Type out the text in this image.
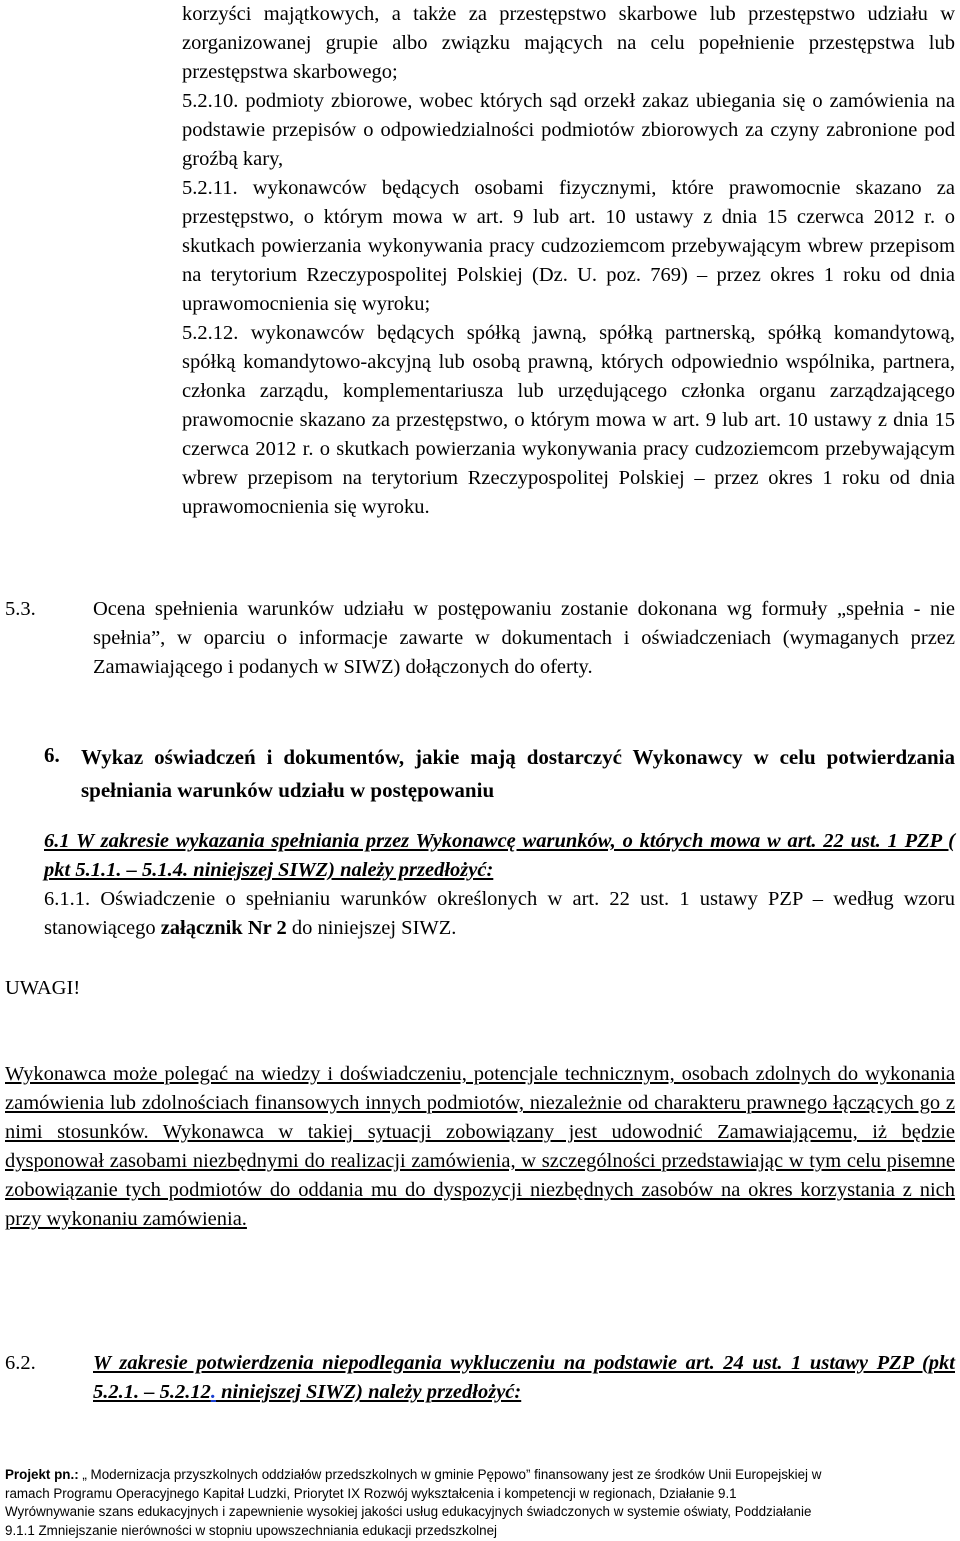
korzyści majątkowych, a także za przestępstwo skarbowe lub przestępstwo udziału w zorganizowanej grupie albo związku mających na celu popełnienie przestępstwa lub przestępstwa skarbowego;

5.2.10. podmioty zbiorowe, wobec których sąd orzekł zakaz ubiegania się o zamówienia na podstawie przepisów o odpowiedzialności podmiotów zbiorowych za czyny zabronione pod groźbą kary,

5.2.11. wykonawców będących osobami fizycznymi, które prawomocnie skazano za przestępstwo, o którym mowa w art. 9 lub art. 10 ustawy z dnia 15 czerwca 2012 r. o skutkach powierzania wykonywania pracy cudzoziemcom przebywającym wbrew przepisom na terytorium Rzeczypospolitej Polskiej (Dz. U. poz. 769) – przez okres 1 roku od dnia uprawomocnienia się wyroku;

5.2.12. wykonawców będących spółką jawną, spółką partnerską, spółką komandytową, spółką komandytowo-akcyjną lub osobą prawną, których odpowiednio wspólnika, partnera, członka zarządu, komplementariusza lub urzędującego członka organu zarządzającego prawomocnie skazano za przestępstwo, o którym mowa w art. 9 lub art. 10 ustawy z dnia 15 czerwca 2012 r. o skutkach powierzania wykonywania pracy cudzoziemcom przebywającym wbrew przepisom na terytorium Rzeczypospolitej Polskiej – przez okres 1 roku od dnia uprawomocnienia się wyroku.

5.3.	Ocena spełnienia warunków udziału w postępowaniu zostanie dokonana wg formuły „spełnia - nie spełnia”, w oparciu o informacje zawarte w dokumentach i oświadczeniach (wymaganych przez Zamawiającego i podanych w SIWZ) dołączonych do oferty.
6. Wykaz oświadczeń i dokumentów, jakie mają dostarczyć Wykonawcy w celu potwierdzania spełniania warunków udziału w postępowaniu

6.1 W zakresie wykazania spełniania przez Wykonawcę warunków, o których mowa w art. 22 ust. 1 PZP ( pkt 5.1.1. – 5.1.4. niniejszej SIWZ) należy przedłożyć:

6.1.1. Oświadczenie o spełnianiu warunków określonych w art. 22 ust. 1 ustawy PZP – według wzoru stanowiącego załącznik Nr 2 do niniejszej SIWZ.

UWAGI!
Wykonawca może polegać na wiedzy i doświadczeniu, potencjale technicznym, osobach zdolnych do wykonania zamówienia lub zdolnościach finansowych innych podmiotów, niezależnie od charakteru prawnego łączących go z nimi stosunków. Wykonawca w takiej sytuacji zobowiązany jest udowodnić Zamawiającemu, iż będzie dysponował zasobami niezbędnymi do realizacji zamówienia, w szczególności przedstawiając w tym celu pisemne zobowiązanie tych podmiotów do oddania mu do dyspozycji niezbędnych zasobów na okres korzystania z nich przy wykonaniu zamówienia.
6.2.	W zakresie potwierdzenia niepodlegania wykluczeniu na podstawie art. 24 ust. 1 ustawy PZP (pkt 5.2.1. – 5.2.12. niniejszej SIWZ) należy przedłożyć:

Projekt pn.: „ Modernizacja przyszkolnych oddziałów przedszkolnych w gminie Pępowo” finansowany jest ze środków Unii Europejskiej w

ramach Programu Operacyjnego Kapitał Ludzki, Priorytet IX Rozwój wykształcenia i kompetencji w regionach, Działanie 9.1

Wyrównywanie szans edukacyjnych i zapewnienie wysokiej jakości usług edukacyjnych świadczonych w systemie oświaty, Poddziałanie

9.1.1 Zmniejszanie nierówności w stopniu upowszechniania edukacji przedszkolnej
